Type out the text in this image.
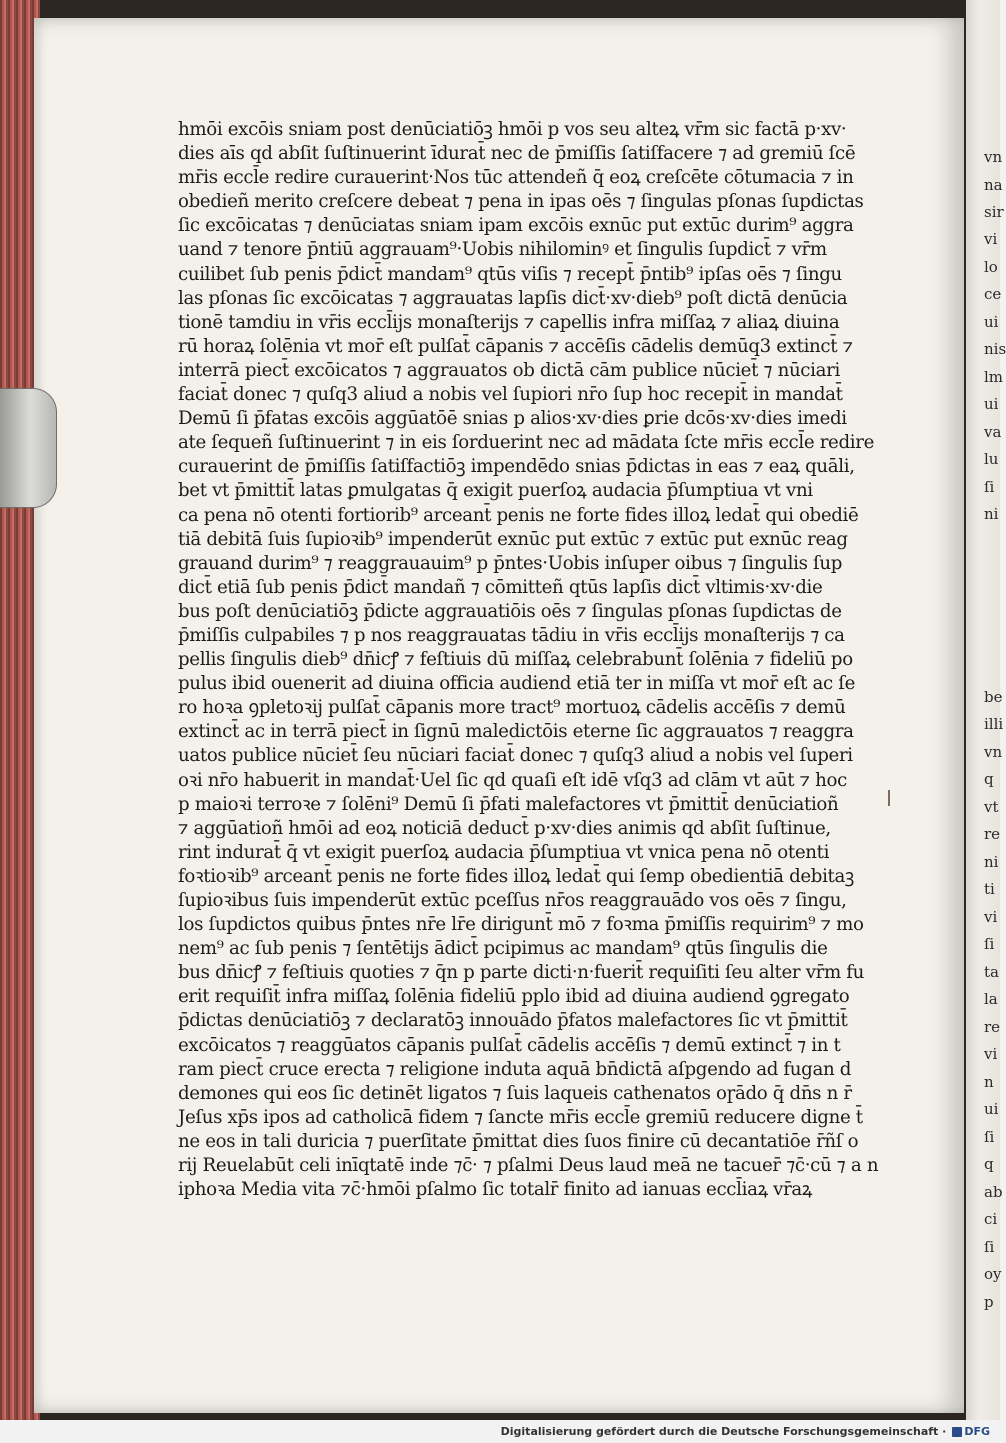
hmōi excōis sniam post denūciatiōꝫ hmōi p vos seu alteꝝ vr̄m sic factā p·xv·
dies aīs qd abſit ſuſtinuerint īdurat̄ nec de p̄miſſis ſatiſfacere ⁊ ad gremiū ſcē
mr̄is eccl̄e redire curauerint·Nos tūc attendeñ q̄ eoꝝ creſcēte cōtumacia ⁊ in
obedieñ merito creſcere debeat ⁊ pena in ipas oēs ⁊ ſingulas pſonas ſupdictas
ſic excōicatas ⁊ denūciatas sniam ipam excōis exnūc put extūc durim⁹ aggra
uand ⁊ tenore p̄ntiū aggrauam⁹·Uobis nihilominꝰ et ſingulis ſupdict̄ ⁊ vr̄m
cuilibet ſub penis p̄dict̄ mandam⁹ qtūs viſis ⁊ recept̄ p̄ntib⁹ ipſas oēs ⁊ ſingu
las pſonas ſic excōicatas ⁊ aggrauatas lapſis dict̄·xv·dieb⁹ poſt dictā denūcia
tionē tamdiu in vr̄is eccl̄ijs monaſterijs ⁊ capellis infra miſſaꝝ ⁊ aliaꝝ diuina
rū horaꝝ ſolēnia vt mor̄ eſt pulſat̄ cāpanis ⁊ accēſis cādelis demūq3 extinct̄ ⁊
interrā piect̄ excōicatos ⁊ aggrauatos ob dictā cām publice nūciet̄ ⁊ nūciari
faciat̄ donec ⁊ quſq3 aliud a nobis vel ſupiori nr̄o ſup hoc recepit̄ in mandat̄
Demū ſi p̄fatas excōis aggūatōē snias p alios·xv·dies ꝑrie dcōs·xv·dies imedi
ate ſequeñ ſuſtinuerint ⁊ in eis ſorduerint nec ad mādata ſcte mr̄is eccl̄e redire
curauerint de p̄miſſis ſatiſfactiōꝫ impendēdo snias p̄dictas in eas ⁊ eaꝝ quāli,
bet vt p̄mittit̄ latas ꝑmulgatas q̄ exigit puerſoꝝ audacia p̄ſumptiua vt vni
ca pena nō otenti fortiorib⁹ arceant̄ penis ne forte fides illoꝝ ledat̄ qui obediē
tiā debitā ſuis ſupioꝛib⁹ impenderūt exnūc put extūc ⁊ extūc put exnūc reag
grauand durim⁹ ⁊ reaggrauauim⁹ p p̄ntes·Uobis inſuper oibus ⁊ ſingulis ſup
dict̄ etiā ſub penis p̄dict̄ mandañ ⁊ cōmitteñ qtūs lapſis dict̄ vltimis·xv·die
bus poſt denūciatiōꝫ p̄dicte aggrauatiōis oēs ⁊ ſingulas pſonas ſupdictas de
p̄miſſis culpabiles ⁊ p nos reaggrauatas tādiu in vr̄is eccl̄ijs monaſterijs ⁊ ca
pellis ſingulis dieb⁹ dn̄icꝭ ⁊ feſtiuis dū miſſaꝝ celebrabunt̄ ſolēnia ⁊ fideliū po
pulus ibid ouenerit ad diuina officia audiend etiā ter in miſſa vt mor̄ eſt ac ſe
ro hoꝛa ꝯpletoꝛij pulſat̄ cāpanis more tract⁹ mortuoꝝ cādelis accēſis ⁊ demū
extinct̄ ac in terrā piect̄ in ſignū maledictōis eterne ſic aggrauatos ⁊ reaggra
uatos publice nūciet̄ ſeu nūciari faciat̄ donec ⁊ quſq3 aliud a nobis vel ſuperi
oꝛi nr̄o habuerit in mandat̄·Uel ſic qd quaſi eſt idē vſq3 ad clām vt aūt ⁊ hoc
p maioꝛi terroꝛe ⁊ ſolēni⁹ Demū ſi p̄fati malefactores vt p̄mittit̄ denūciatioñ
⁊ aggūatioñ hmōi ad eoꝝ noticiā deduct̄ p·xv·dies animis qd abſit ſuſtinue,
rint indurat̄ q̄ vt exigit puerſoꝝ audacia p̄ſumptiua vt vnica pena nō otenti
foꝛtioꝛib⁹ arceant̄ penis ne forte fides illoꝝ ledat̄ qui ſemp obedientiā debitaꝫ
ſupioꝛibus ſuis impenderūt extūc pceſſus nr̄os reaggrauādo vos oēs ⁊ ſingu,
los ſupdictos quibus p̄ntes nr̄e lr̄e dirigunt̄ mō ⁊ foꝛma p̄miſſis requirim⁹ ⁊ mo
nem⁹ ac ſub penis ⁊ ſentētijs ādict̄ pcipimus ac mandam⁹ qtūs ſingulis die
bus dn̄icꝭ ⁊ feſtiuis quoties ⁊ q̄n p parte dicti·n·fuerit̄ requiſiti ſeu alter vr̄m fu
erit requiſit̄ infra miſſaꝝ ſolēnia fideliū pplo ibid ad diuina audiend ꝯgregato
p̄dictas denūciatiōꝫ ⁊ declaratōꝫ innouādo p̄fatos malefactores ſic vt p̄mittit̄
excōicatos ⁊ reaggūatos cāpanis pulſat̄ cādelis accēſis ⁊ demū extinct̄ ⁊ in t
ram piect̄ cruce erecta ⁊ religione induta aquā bn̄dictā aſpgendo ad fugan d
demones qui eos ſic detinēt ligatos ⁊ ſuis laqueis cathenatos oɼādo q̄ dn̄s n r̄
Jeſus xp̄s ipos ad catholicā fidem ⁊ ſancte mr̄is eccl̄e gremiū reducere digne t̄
ne eos in tali duricia ⁊ puerſitate p̄mittat dies ſuos finire cū decantatiōe r̄ñſ o
rij Reuelabūt celi inīqtatē inde ⁊c̄· ⁊ pſalmi Deus laud meā ne tacuer̄ ⁊c̄·cū ⁊ a n
iphoꝛa Media vita ⁊c̄·hmōi pſalmo ſic totalr̄ finito ad ianuas eccl̄iaꝝ vr̄aꝝ
vn
na
sir
vi
lo
ce
ui
nis
lm
ui
va
lu
ſi
ni
be
illi
vn
q
vt
re
ni
ti
vi
ſi
ta
la
re
vi
n
ui
ſi
q
ab
ci
ſi
oy
p
Digitalisierung gefördert durch die Deutsche Forschungsgemeinschaft · DFG
